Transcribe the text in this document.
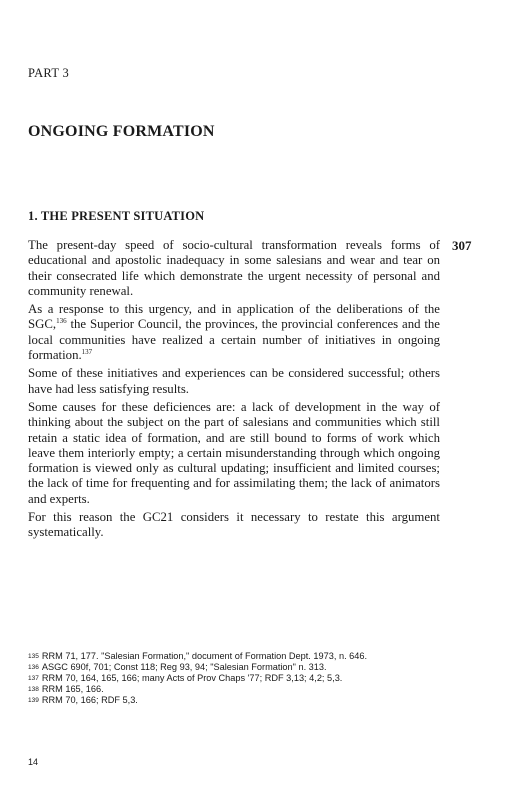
PART 3
ONGOING FORMATION
1. THE PRESENT SITUATION
307

The present-day speed of socio-cultural transformation reveals forms of educational and apostolic inadequacy in some salesians and wear and tear on their consecrated life which demonstrate the urgent necessity of personal and community renewal.

As a response to this urgency, and in application of the deliberations of the SGC,$^{136}$ the Superior Council, the provinces, the provincial conferences and the local communities have realized a certain number of initiatives in ongoing formation.$^{137}$

Some of these initiatives and experiences can be considered successful; others have had less satisfying results.

Some causes for these deficiences are: a lack of development in the way of thinking about the subject on the part of salesians and communities which still retain a static idea of formation, and are still bound to forms of work which leave them interiorly empty; a certain misunderstanding through which ongoing formation is viewed only as cultural updating; insufficient and limited courses; the lack of time for frequenting and for assimilating them; the lack of animators and experts.

For this reason the GC21 considers it necessary to restate this argument systematically.

135 RRM 71, 177. "Salesian Formation," document of Formation Dept. 1973, n. 646.
136 ASGC 690f, 701; Const 118; Reg 93, 94; "Salesian Formation" n. 313.
137 RRM 70, 164, 165, 166; many Acts of Prov Chaps '77; RDF 3,13; 4,2; 5,3.
138 RRM 165, 166.
139 RRM 70, 166; RDF 5,3.
14
